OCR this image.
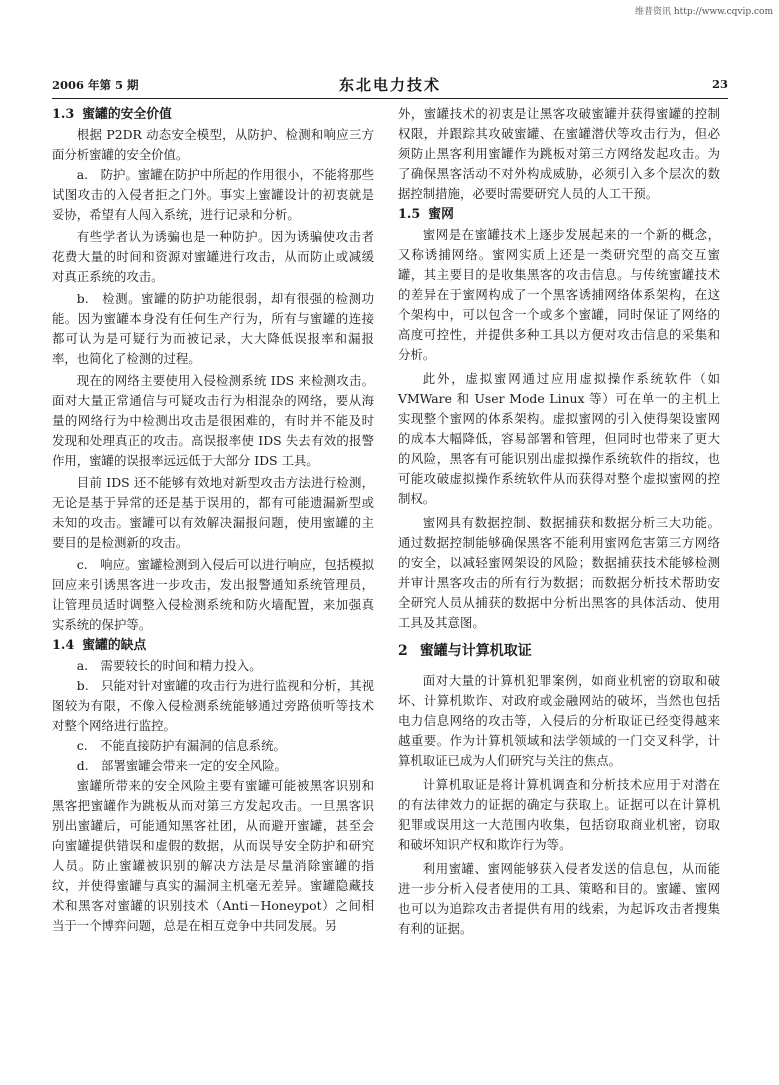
维普资讯 http://www.cqvip.com
2006 年第 5 期	东北电力技术	23
1.3 蜜罐的安全价值

根据 P2DR 动态安全模型，从防护、检测和响应三方面分析蜜罐的安全价值。

a.　防护。蜜罐在防护中所起的作用很小，不能将那些试图攻击的入侵者拒之门外。事实上蜜罐设计的初衷就是妥协，希望有人闯入系统，进行记录和分析。

有些学者认为诱骗也是一种防护。因为诱骗使攻击者花费大量的时间和资源对蜜罐进行攻击，从而防止或减缓对真正系统的攻击。

b.　检测。蜜罐的防护功能很弱，却有很强的检测功能。因为蜜罐本身没有任何生产行为，所有与蜜罐的连接都可认为是可疑行为而被记录，大大降低误报率和漏报率，也简化了检测的过程。

现在的网络主要使用入侵检测系统 IDS 来检测攻击。面对大量正常通信与可疑攻击行为相混杂的网络，要从海量的网络行为中检测出攻击是很困难的，有时并不能及时发现和处理真正的攻击。高误报率使 IDS 失去有效的报警作用，蜜罐的误报率远远低于大部分 IDS 工具。

目前 IDS 还不能够有效地对新型攻击方法进行检测，无论是基于异常的还是基于误用的，都有可能遗漏新型或未知的攻击。蜜罐可以有效解决漏报问题，使用蜜罐的主要目的是检测新的攻击。

c.　响应。蜜罐检测到入侵后可以进行响应，包括模拟回应来引诱黑客进一步攻击，发出报警通知系统管理员，让管理员适时调整入侵检测系统和防火墙配置，来加强真实系统的保护等。

1.4 蜜罐的缺点

a.　需要较长的时间和精力投入。

b.　只能对针对蜜罐的攻击行为进行监视和分析，其视图较为有限，不像入侵检测系统能够通过旁路侦听等技术对整个网络进行监控。

c.　不能直接防护有漏洞的信息系统。

d.　部署蜜罐会带来一定的安全风险。

蜜罐所带来的安全风险主要有蜜罐可能被黑客识别和黑客把蜜罐作为跳板从而对第三方发起攻击。一旦黑客识别出蜜罐后，可能通知黑客社团，从而避开蜜罐，甚至会向蜜罐提供错误和虚假的数据，从而误导安全防护和研究人员。防止蜜罐被识别的解决方法是尽量消除蜜罐的指纹，并使得蜜罐与真实的漏洞主机毫无差异。蜜罐隐藏技术和黑客对蜜罐的识别技术（Anti－Honeypot）之间相当于一个博弈问题，总是在相互竞争中共同发展。另

外，蜜罐技术的初衷是让黑客攻破蜜罐并获得蜜罐的控制权限，并跟踪其攻破蜜罐、在蜜罐潜伏等攻击行为，但必须防止黑客利用蜜罐作为跳板对第三方网络发起攻击。为了确保黑客活动不对外构成威胁，必须引入多个层次的数据控制措施，必要时需要研究人员的人工干预。

1.5 蜜网

蜜网是在蜜罐技术上逐步发展起来的一个新的概念，又称诱捕网络。蜜网实质上还是一类研究型的高交互蜜罐，其主要目的是收集黑客的攻击信息。与传统蜜罐技术的差异在于蜜网构成了一个黑客诱捕网络体系架构，在这个架构中，可以包含一个或多个蜜罐，同时保证了网络的高度可控性，并提供多种工具以方便对攻击信息的采集和分析。

此外，虚拟蜜网通过应用虚拟操作系统软件（如 VMWare 和 User Mode Linux 等）可在单一的主机上实现整个蜜网的体系架构。虚拟蜜网的引入使得架设蜜网的成本大幅降低，容易部署和管理，但同时也带来了更大的风险，黑客有可能识别出虚拟操作系统软件的指纹，也可能攻破虚拟操作系统软件从而获得对整个虚拟蜜网的控制权。

蜜网具有数据控制、数据捕获和数据分析三大功能。通过数据控制能够确保黑客不能利用蜜网危害第三方网络的安全，以减轻蜜网架设的风险；数据捕获技术能够检测并审计黑客攻击的所有行为数据；而数据分析技术帮助安全研究人员从捕获的数据中分析出黑客的具体活动、使用工具及其意图。

2 蜜罐与计算机取证

面对大量的计算机犯罪案例，如商业机密的窃取和破坏、计算机欺诈、对政府或金融网站的破坏，当然也包括电力信息网络的攻击等，入侵后的分析取证已经变得越来越重要。作为计算机领域和法学领域的一门交叉科学，计算机取证已成为人们研究与关注的焦点。

计算机取证是将计算机调查和分析技术应用于对潜在的有法律效力的证据的确定与获取上。证据可以在计算机犯罪或误用这一大范围内收集，包括窃取商业机密，窃取和破坏知识产权和欺诈行为等。

利用蜜罐、蜜网能够获入侵者发送的信息包，从而能进一步分析入侵者使用的工具、策略和目的。蜜罐、蜜网也可以为追踪攻击者提供有用的线索，为起诉攻击者搜集有利的证据。
